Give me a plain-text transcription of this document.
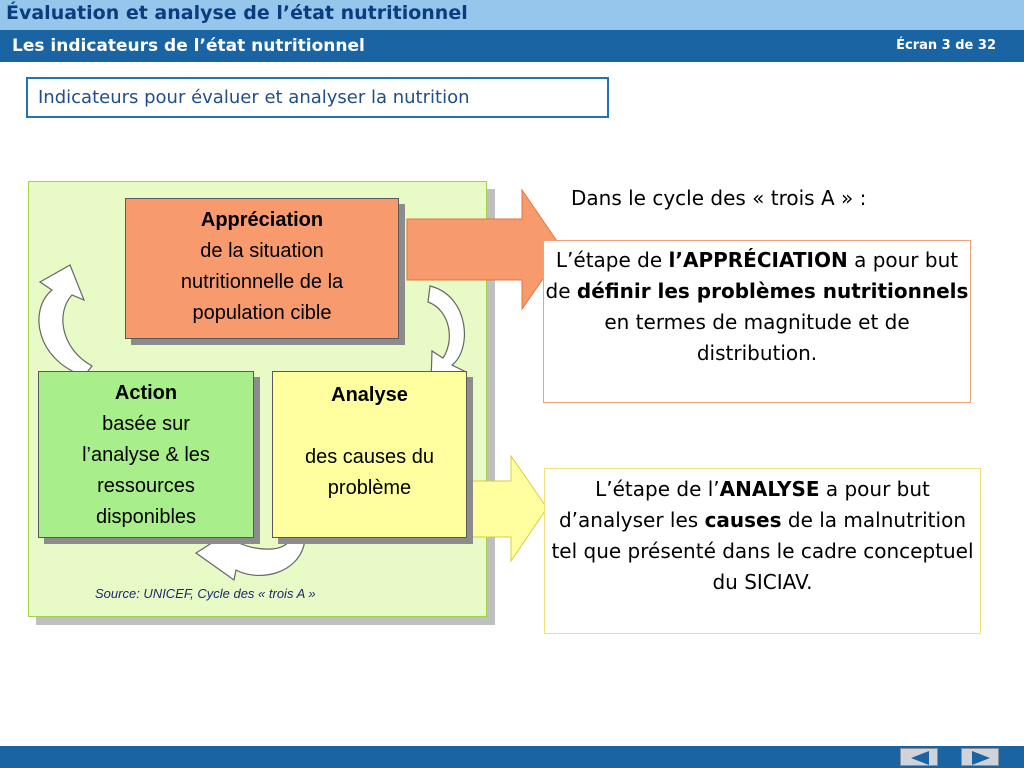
Évaluation et analyse de l’état nutritionnel
Les indicateurs de l’état nutritionnel	Écran 3 de 32
Indicateurs pour évaluer et analyser la nutrition
Appréciation
de la situation
nutritionnelle de la
population cible
Action
basée sur
l’analyse & les
ressources
disponibles
Analyse
des causes du
problème
Source: UNICEF, Cycle des « trois A »
Dans le cycle des « trois A » :
L’étape de l’APPRÉCIATION a pour but de définir les problèmes nutritionnels en termes de magnitude et de distribution.
L’étape de l’ANALYSE a pour but d’analyser les causes de la malnutrition tel que présenté dans le cadre conceptuel du SICIAV.
